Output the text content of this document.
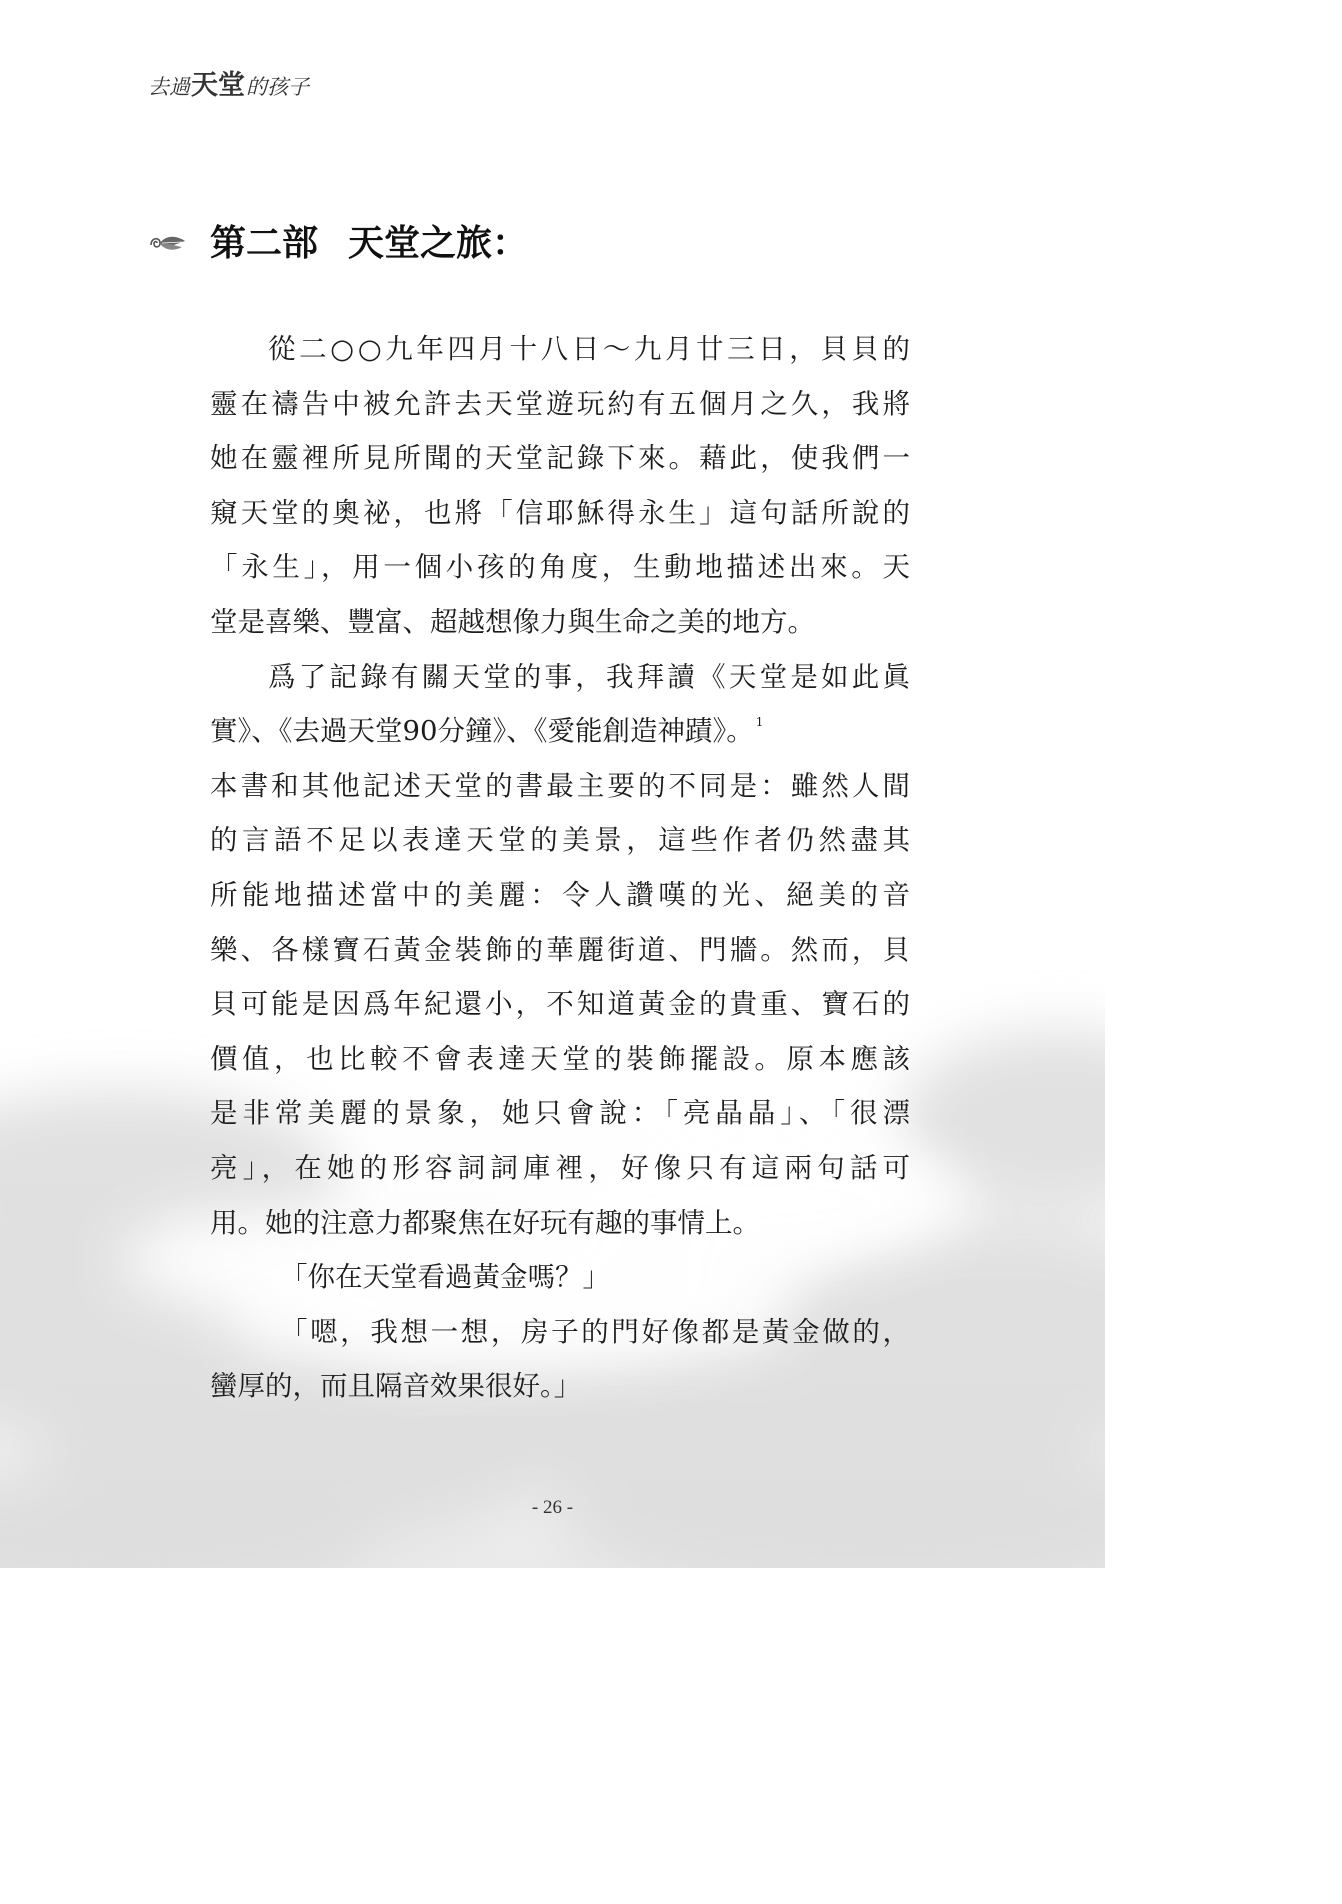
去過 天堂 的孩子
第二部 天堂之旅：
從二○○九年四月十八日～九月廿三日，貝貝的
靈在禱告中被允許去天堂遊玩約有五個月之久，我將
她在靈裡所見所聞的天堂記錄下來。藉此，使我們一
窺天堂的奧祕，也將「信耶穌得永生」這句話所說的
「永生」，用一個小孩的角度，生動地描述出來。天
堂是喜樂、豐富、超越想像力與生命之美的地方。
爲了記錄有關天堂的事，我拜讀《天堂是如此眞
實》、《去過天堂90分鐘》、《愛能創造神蹟》。 $^1$
本書和其他記述天堂的書最主要的不同是：雖然人間
的言語不足以表達天堂的美景，這些作者仍然盡其
所能地描述當中的美麗：令人讚嘆的光、絕美的音
樂、各樣寶石黃金裝飾的華麗街道、門牆。然而，貝
貝可能是因爲年紀還小，不知道黃金的貴重、寶石的
價值，也比較不會表達天堂的裝飾擺設。原本應該
是非常美麗的景象，她只會說：「亮晶晶」、「很漂
亮」，在她的形容詞詞庫裡，好像只有這兩句話可
用。她的注意力都聚焦在好玩有趣的事情上。
「你在天堂看過黃金嗎？」
「嗯，我想一想，房子的門好像都是黃金做的，
蠻厚的，而且隔音效果很好。」
- 26 -
